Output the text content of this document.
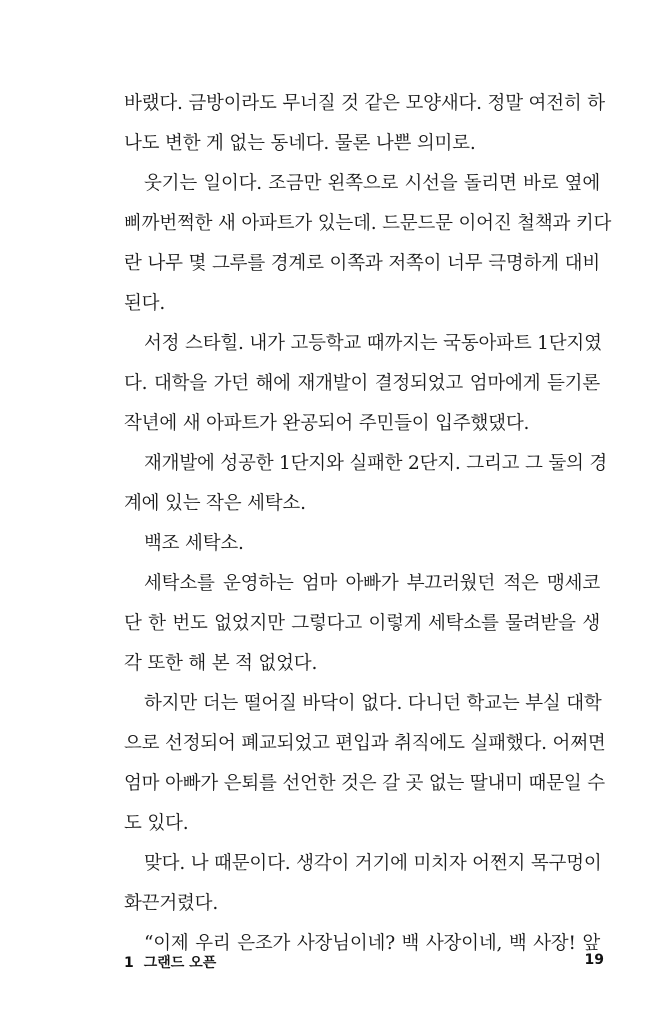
바랬다. 금방이라도 무너질 것 같은 모양새다. 정말 여전히 하
나도 변한 게 없는 동네다. 물론 나쁜 의미로.
웃기는 일이다. 조금만 왼쪽으로 시선을 돌리면 바로 옆에
삐까번쩍한 새 아파트가 있는데. 드문드문 이어진 철책과 키다
란 나무 몇 그루를 경계로 이쪽과 저쪽이 너무 극명하게 대비
된다.
서정 스타힐. 내가 고등학교 때까지는 국동아파트 1단지였
다. 대학을 가던 해에 재개발이 결정되었고 엄마에게 듣기론
작년에 새 아파트가 완공되어 주민들이 입주했댔다.
재개발에 성공한 1단지와 실패한 2단지. 그리고 그 둘의 경
계에 있는 작은 세탁소.
백조 세탁소.
세탁소를 운영하는 엄마 아빠가 부끄러웠던 적은 맹세코
단 한 번도 없었지만 그렇다고 이렇게 세탁소를 물려받을 생
각 또한 해 본 적 없었다.
하지만 더는 떨어질 바닥이 없다. 다니던 학교는 부실 대학
으로 선정되어 폐교되었고 편입과 취직에도 실패했다. 어쩌면
엄마 아빠가 은퇴를 선언한 것은 갈 곳 없는 딸내미 때문일 수
도 있다.
맞다. 나 때문이다. 생각이 거기에 미치자 어쩐지 목구멍이
화끈거렸다.
“이제 우리 은조가 사장님이네? 백 사장이네, 백 사장! 앞
1 그랜드 오픈	19
